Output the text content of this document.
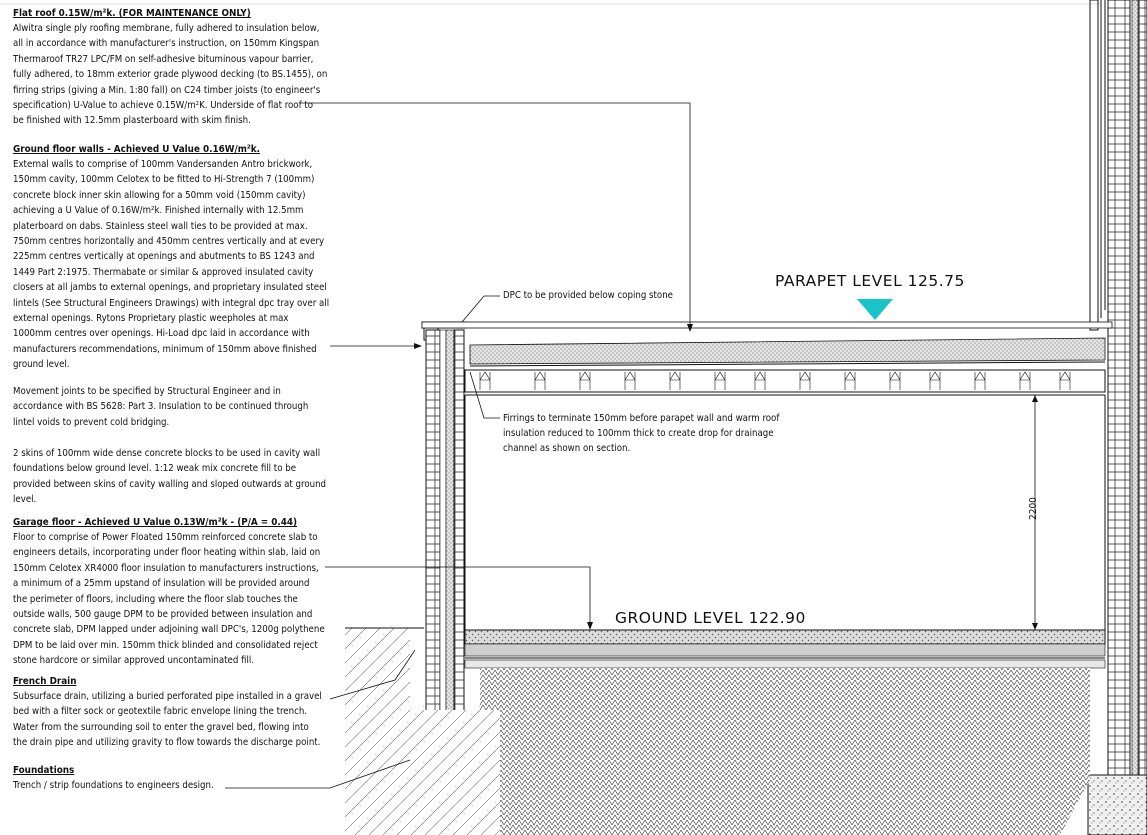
Flat roof 0.15W/m²k. (FOR MAINTENANCE ONLY)

Alwitra single ply roofing membrane, fully adhered to insulation below,
all in accordance with manufacturer's instruction, on 150mm Kingspan
Thermaroof TR27 LPC/FM on self-adhesive bituminous vapour barrier,
fully adhered, to 18mm exterior grade plywood decking (to BS.1455), on
firring strips (giving a Min. 1:80 fall) on C24 timber joists (to engineer's
specification) U-Value to achieve 0.15W/m²K. Underside of flat roof to
be finished with 12.5mm plasterboard with skim finish.

Ground floor walls - Achieved U Value 0.16W/m²k.

External walls to comprise of 100mm Vandersanden Antro brickwork,
150mm cavity, 100mm Celotex to be fitted to Hi-Strength 7 (100mm)
concrete block inner skin allowing for a 50mm void (150mm cavity)
achieving a U Value of 0.16W/m²k. Finished internally with 12.5mm
platerboard on dabs. Stainless steel wall ties to be provided at max.
750mm centres horizontally and 450mm centres vertically and at every
225mm centres vertically at openings and abutments to BS 1243 and
1449 Part 2:1975. Thermabate or similar & approved insulated cavity
closers at all jambs to external openings, and proprietary insulated steel
lintels (See Structural Engineers Drawings) with integral dpc tray over all
external openings. Rytons Proprietary plastic weepholes at max
1000mm centres over openings. Hi-Load dpc laid in accordance with
manufacturers recommendations, minimum of 150mm above finished
ground level.

Movement joints to be specified by Structural Engineer and in
accordance with BS 5628: Part 3. Insulation to be continued through
lintel voids to prevent cold bridging.

2 skins of 100mm wide dense concrete blocks to be used in cavity wall
foundations below ground level. 1:12 weak mix concrete fill to be
provided between skins of cavity walling and sloped outwards at ground
level.

Garage floor - Achieved U Value 0.13W/m²k - (P/A = 0.44)

Floor to comprise of Power Floated 150mm reinforced concrete slab to
engineers details, incorporating under floor heating within slab, laid on
150mm Celotex XR4000 floor insulation to manufacturers instructions,
a minimum of a 25mm upstand of insulation will be provided around
the perimeter of floors, including where the floor slab touches the
outside walls, 500 gauge DPM to be provided between insulation and
concrete slab, DPM lapped under adjoining wall DPC's, 1200g polythene
DPM to be laid over min. 150mm thick blinded and consolidated reject
stone hardcore or similar approved uncontaminated fill.

French Drain

Subsurface drain, utilizing a buried perforated pipe installed in a gravel
bed with a filter sock or geotextile fabric envelope lining the trench.
Water from the surrounding soil to enter the gravel bed, flowing into
the drain pipe and utilizing gravity to flow towards the discharge point.

Foundations

Trench / strip foundations to engineers design.

PARAPET LEVEL 125.75
GROUND LEVEL 122.90
DPC to be provided below coping stone
Firrings to terminate 150mm before parapet wall and warm roof
insulation reduced to 100mm thick to create drop for drainage
channel as shown on section.
2200
